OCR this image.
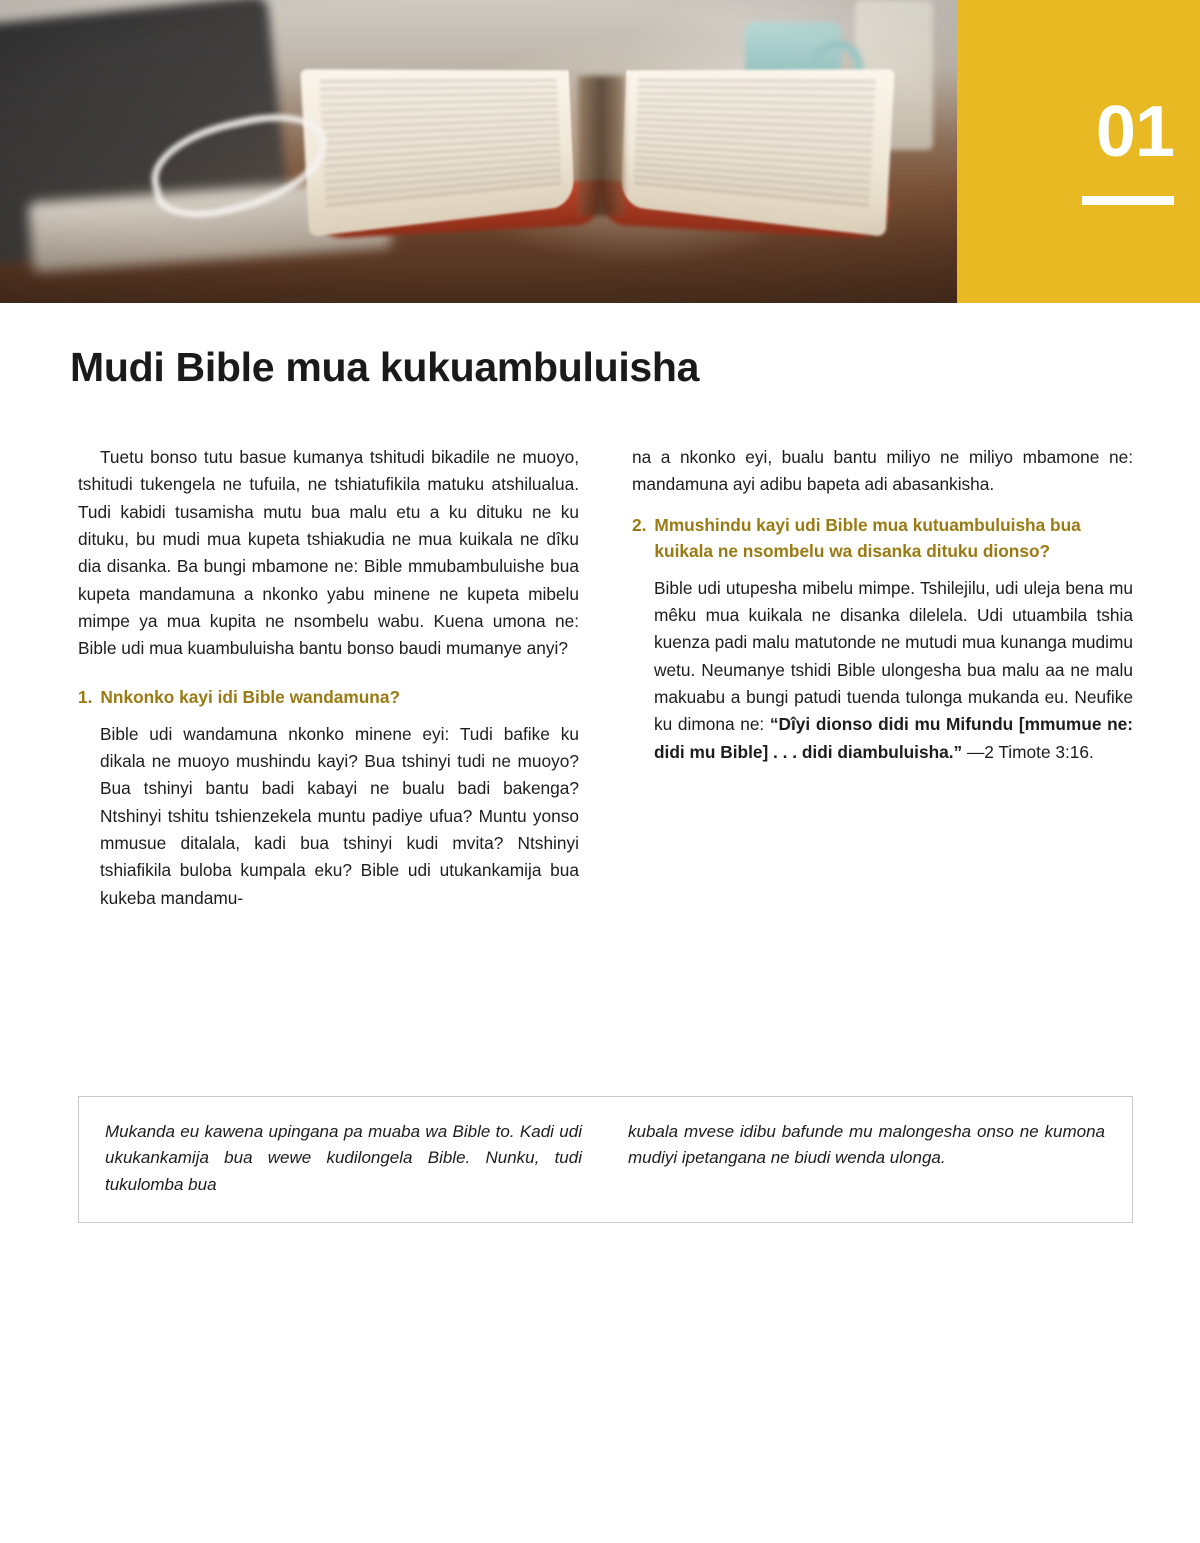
01
Mudi Bible mua kukuambuluisha

Tuetu bonso tutu basue kumanya tshitudi bikadile ne muoyo, tshitudi tukengela ne tufuila, ne tshiatufikila matuku atshilualua. Tudi kabidi tusamisha mutu bua malu etu a ku dituku ne ku dituku, bu mudi mua kupeta tshiakudia ne mua kuikala ne dîku dia disanka. Ba bungi mbamone ne: Bible mmubambuluishe bua kupeta mandamuna a nkonko yabu minene ne kupeta mibelu mimpe ya mua kupita ne nsombelu wabu. Kuena umona ne: Bible udi mua kuambuluisha bantu bonso baudi mumanye anyi?

1. Nnkonko kayi idi Bible wandamuna?

Bible udi wandamuna nkonko minene eyi: Tudi bafike ku dikala ne muoyo mushindu kayi? Bua tshinyi tudi ne muoyo? Bua tshinyi bantu badi kabayi ne bualu badi bakenga? Ntshinyi tshitu tshienzekela muntu padiye ufua? Muntu yonso mmusue ditalala, kadi bua tshinyi kudi mvita? Ntshinyi tshiafikila buloba kumpala eku? Bible udi utukankamija bua kukeba mandamu-

na a nkonko eyi, bualu bantu miliyo ne miliyo mbamone ne: mandamuna ayi adibu bapeta adi abasankisha.

2. Mmushindu kayi udi Bible mua kutuambuluisha bua kuikala ne nsombelu wa disanka dituku dionso?

Bible udi utupesha mibelu mimpe. Tshilejilu, udi uleja bena mu mêku mua kuikala ne disanka dilelela. Udi utuambila tshia kuenza padi malu matutonde ne mutudi mua kunanga mudimu wetu. Neumanye tshidi Bible ulongesha bua malu aa ne malu makuabu a bungi patudi tuenda tulonga mukanda eu. Neufike ku dimona ne: “Dîyi dionso didi mu Mifundu [mmumue ne: didi mu Bible] . . . didi diambuluisha.” —2 Timote 3:16.

Mukanda eu kawena upingana pa muaba wa Bible to. Kadi udi ukukankamija bua wewe kudilongela Bible. Nunku, tudi tukulomba bua
kubala mvese idibu bafunde mu malongesha onso ne kumona mudiyi ipetangana ne biudi wenda ulonga.
